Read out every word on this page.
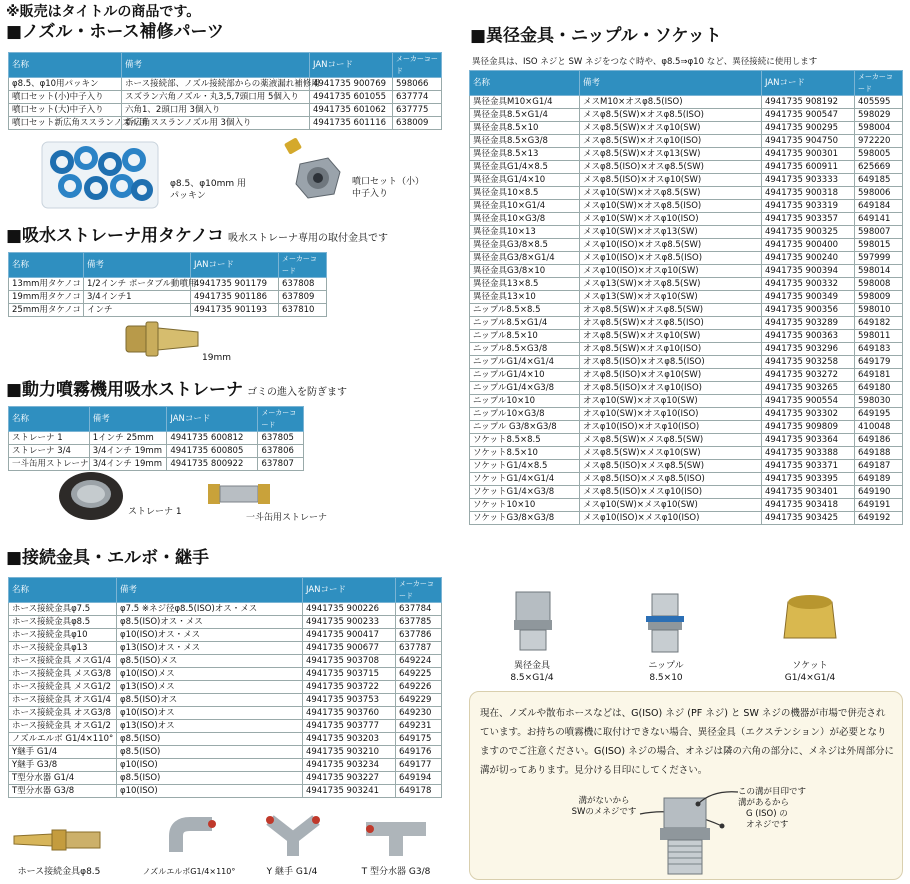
※販売はタイトルの商品です。
■ノズル・ホース補修パーツ
名称	備考	JANコード	メーカーコード
φ8.5、φ10用パッキン	ホース接続部、ノズル接続部からの薬液漏れ補修用	4941735 900769	598066
噴口セット(小)中子入り	スズラン六角ノズル・丸3,5,7頭口用 5個入り	4941735 601055	637774
噴口セット(大)中子入り	六角1、2頭口用 3個入り	4941735 601062	637775
噴口セット新広角ススランノズル用	新広角ススランノズル用 3個入り	4941735 601116	638009
φ8.5、φ10mm 用
パッキン
噴口セット（小）
中子入り
■吸水ストレーナ用タケノコ 吸水ストレーナ専用の取付金具です
名称	備考	JANコード	メーカーコード
13mm用タケノコ	1/2インチ ポータブル動噴用	4941735 901179	637808
19mm用タケノコ	3/4インチ1	4941735 901186	637809
25mm用タケノコ	インチ	4941735 901193	637810
19mm
■動力噴霧機用吸水ストレーナ ゴミの進入を防ぎます
名称	備考	JANコード	メーカーコード
ストレーナ 1	1インチ 25mm	4941735 600812	637805
ストレーナ 3/4	3/4インチ 19mm	4941735 600805	637806
一斗缶用ストレーナ	3/4インチ 19mm	4941735 800922	637807
ストレーナ 1
一斗缶用ストレーナ
■接続金具・エルボ・継手
名称	備考	JANコード	メーカーコード
ホース接続金具φ7.5	φ7.5 ※ネジ径φ8.5(ISO)オス・メス	4941735 900226	637784
ホース接続金具φ8.5	φ8.5(ISO)オス・メス	4941735 900233	637785
ホース接続金具φ10	φ10(ISO)オス・メス	4941735 900417	637786
ホース接続金具φ13	φ13(ISO)オス・メス	4941735 900677	637787
ホース接続金具 メスG1/4	φ8.5(ISO)メス	4941735 903708	649224
ホース接続金具 メスG3/8	φ10(ISO)メス	4941735 903715	649225
ホース接続金具 メスG1/2	φ13(ISO)メス	4941735 903722	649226
ホース接続金具 オスG1/4	φ8.5(ISO)オス	4941735 903753	649229
ホース接続金具 オスG3/8	φ10(ISO)オス	4941735 903760	649230
ホース接続金具 オスG1/2	φ13(ISO)オス	4941735 903777	649231
ノズルエルボ G1/4×110°	φ8.5(ISO)	4941735 903203	649175
Y継手 G1/4	φ8.5(ISO)	4941735 903210	649176
Y継手 G3/8	φ10(ISO)	4941735 903234	649177
T型分水器 G1/4	φ8.5(ISO)	4941735 903227	649194
T型分水器 G3/8	φ10(ISO)	4941735 903241	649178
ホース接続金具φ8.5	ノズルエルボG1/4×110°	Y 継手 G1/4	T 型分水器 G3/8
■異径金具・ニップル・ソケット
異径金具は、ISO ネジと SW ネジをつなぐ時や、φ8.5⇒φ10 など、異径接続に使用します
名称	備考	JANコード	メーカーコード
異径金具M10×G1/4	メスM10×オスφ8.5(ISO)	4941735 908192	405595
異径金具8.5×G1/4	メスφ8.5(SW)×オスφ8.5(ISO)	4941735 900547	598029
異径金具8.5×10	メスφ8.5(SW)×オスφ10(SW)	4941735 900295	598004
異径金具8.5×G3/8	メスφ8.5(SW)×オスφ10(ISO)	4941735 904750	972220
異径金具8.5×13	メスφ8.5(SW)×オスφ13(SW)	4941735 900301	598005
異径金具G1/4×8.5	メスφ8.5(ISO)×オスφ8.5(SW)	4941735 600911	625669
異径金具G1/4×10	メスφ8.5(ISO)×オスφ10(SW)	4941735 903333	649185
異径金具10×8.5	メスφ10(SW)×オスφ8.5(SW)	4941735 900318	598006
異径金具10×G1/4	メスφ10(SW)×オスφ8.5(ISO)	4941735 903319	649184
異径金具10×G3/8	メスφ10(SW)×オスφ10(ISO)	4941735 903357	649141
異径金具10×13	メスφ10(SW)×オスφ13(SW)	4941735 900325	598007
異径金具G3/8×8.5	メスφ10(ISO)×オスφ8.5(SW)	4941735 900400	598015
異径金具G3/8×G1/4	メスφ10(ISO)×オスφ8.5(ISO)	4941735 900240	597999
異径金具G3/8×10	メスφ10(ISO)×オスφ10(SW)	4941735 900394	598014
異径金具13×8.5	メスφ13(SW)×オスφ8.5(SW)	4941735 900332	598008
異径金具13×10	メスφ13(SW)×オスφ10(SW)	4941735 900349	598009
ニップル8.5×8.5	オスφ8.5(SW)×オスφ8.5(SW)	4941735 900356	598010
ニップル8.5×G1/4	オスφ8.5(SW)×オスφ8.5(ISO)	4941735 903289	649182
ニップル8.5×10	オスφ8.5(SW)×オスφ10(SW)	4941735 900363	598011
ニップル8.5×G3/8	オスφ8.5(SW)×オスφ10(ISO)	4941735 903296	649183
ニップルG1/4×G1/4	オスφ8.5(ISO)×オスφ8.5(ISO)	4941735 903258	649179
ニップルG1/4×10	オスφ8.5(ISO)×オスφ10(SW)	4941735 903272	649181
ニップルG1/4×G3/8	オスφ8.5(ISO)×オスφ10(ISO)	4941735 903265	649180
ニップル10×10	オスφ10(SW)×オスφ10(SW)	4941735 900554	598030
ニップル10×G3/8	オスφ10(SW)×オスφ10(ISO)	4941735 903302	649195
ニップル G3/8×G3/8	オスφ10(ISO)×オスφ10(ISO)	4941735 909809	410048
ソケット8.5×8.5	メスφ8.5(SW)×メスφ8.5(SW)	4941735 903364	649186
ソケット8.5×10	メスφ8.5(SW)×メスφ10(SW)	4941735 903388	649188
ソケットG1/4×8.5	メスφ8.5(ISO)×メスφ8.5(SW)	4941735 903371	649187
ソケットG1/4×G1/4	メスφ8.5(ISO)×メスφ8.5(ISO)	4941735 903395	649189
ソケットG1/4×G3/8	メスφ8.5(ISO)×メスφ10(ISO)	4941735 903401	649190
ソケット10×10	メスφ10(SW)×メスφ10(SW)	4941735 903418	649191
ソケットG3/8×G3/8	メスφ10(ISO)×メスφ10(ISO)	4941735 903425	649192
異径金具
8.5×G1/4
ニップル
8.5×10
ソケット
G1/4×G1/4

現在、ノズルや散布ホースなどは、G(ISO) ネジ (PF ネジ) と SW ネジの機器が市場で併売されています。お持ちの噴霧機に取付けできない場合、異径金具（エクステンション）が必要となりますのでご注意ください。G(ISO) ネジの場合、オネジは隣の六角の部分に、メネジは外周部分に溝が切ってあります。見分ける目印にしてください。

溝がないから
SWのメネジです
この溝が目印です
溝があるから
G (ISO) の
オネジです
